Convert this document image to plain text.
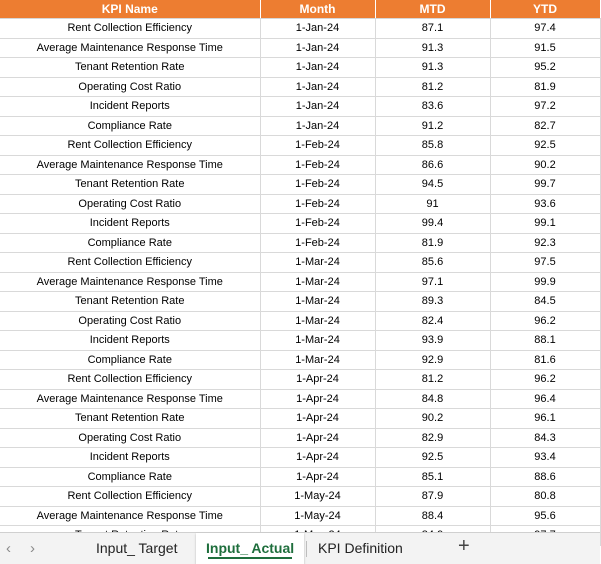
KPI Name	Month	MTD	YTD
Rent Collection Efficiency	1-Jan-24	87.1	97.4
Average Maintenance Response Time	1-Jan-24	91.3	91.5
Tenant Retention Rate	1-Jan-24	91.3	95.2
Operating Cost Ratio	1-Jan-24	81.2	81.9
Incident Reports	1-Jan-24	83.6	97.2
Compliance Rate	1-Jan-24	91.2	82.7
Rent Collection Efficiency	1-Feb-24	85.8	92.5
Average Maintenance Response Time	1-Feb-24	86.6	90.2
Tenant Retention Rate	1-Feb-24	94.5	99.7
Operating Cost Ratio	1-Feb-24	91	93.6
Incident Reports	1-Feb-24	99.4	99.1
Compliance Rate	1-Feb-24	81.9	92.3
Rent Collection Efficiency	1-Mar-24	85.6	97.5
Average Maintenance Response Time	1-Mar-24	97.1	99.9
Tenant Retention Rate	1-Mar-24	89.3	84.5
Operating Cost Ratio	1-Mar-24	82.4	96.2
Incident Reports	1-Mar-24	93.9	88.1
Compliance Rate	1-Mar-24	92.9	81.6
Rent Collection Efficiency	1-Apr-24	81.2	96.2
Average Maintenance Response Time	1-Apr-24	84.8	96.4
Tenant Retention Rate	1-Apr-24	90.2	96.1
Operating Cost Ratio	1-Apr-24	82.9	84.3
Incident Reports	1-Apr-24	92.5	93.4
Compliance Rate	1-Apr-24	85.1	88.6
Rent Collection Efficiency	1-May-24	87.9	80.8
Average Maintenance Response Time	1-May-24	88.4	95.6

‹ ›	Input_ Target	Input_ Actual	KPI Definition	+
